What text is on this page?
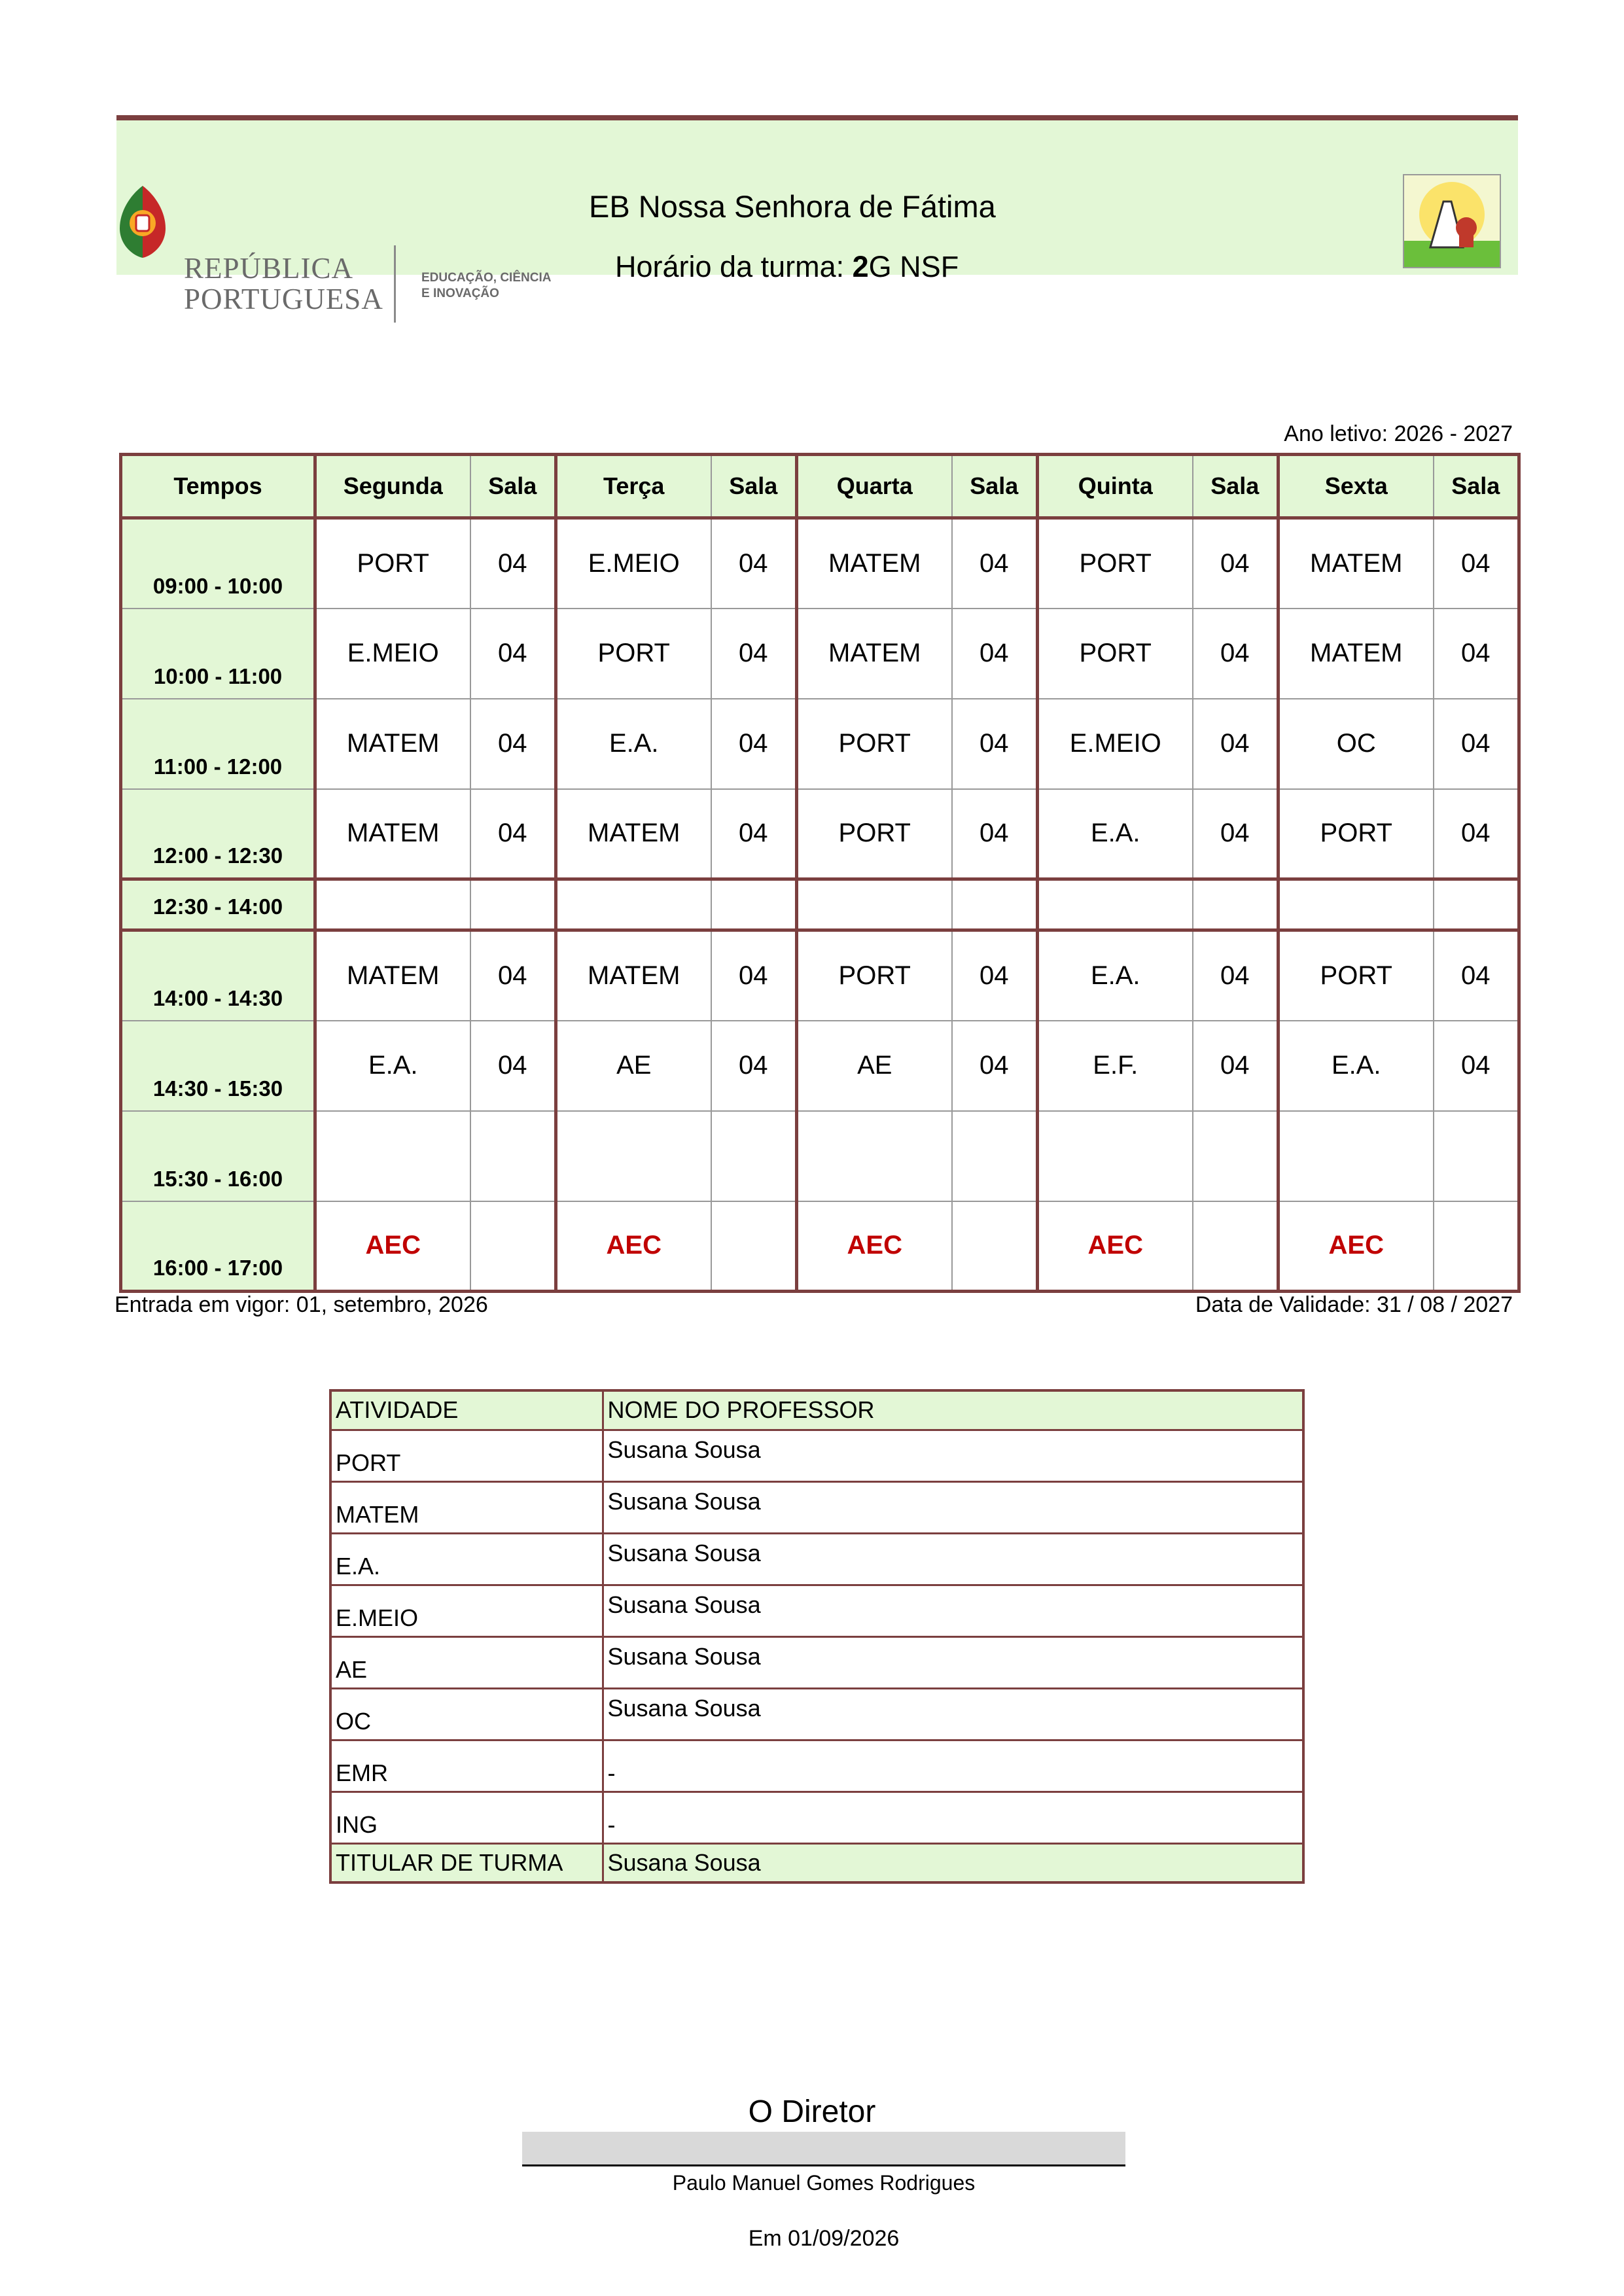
REPÚBLICA
PORTUGUESA
EDUCAÇÃO, CIÊNCIA
E INOVAÇÃO
EB Nossa Senhora de Fátima
Horário da turma: 2G NSF
Ano letivo: 2026 - 2027
Tempos	Segunda	Sala	Terça	Sala	Quarta	Sala	Quinta	Sala	Sexta	Sala
09:00 - 10:00	PORT	04	E.MEIO	04	MATEM	04	PORT	04	MATEM	04
10:00 - 11:00	E.MEIO	04	PORT	04	MATEM	04	PORT	04	MATEM	04
11:00 - 12:00	MATEM	04	E.A.	04	PORT	04	E.MEIO	04	OC	04
12:00 - 12:30	MATEM	04	MATEM	04	PORT	04	E.A.	04	PORT	04
12:30 - 14:00										
14:00 - 14:30	MATEM	04	MATEM	04	PORT	04	E.A.	04	PORT	04
14:30 - 15:30	E.A.	04	AE	04	AE	04	E.F.	04	E.A.	04
15:30 - 16:00										
16:00 - 17:00	AEC		AEC		AEC		AEC		AEC	
Entrada em vigor: 01, setembro, 2026	Data de Validade: 31 / 08 / 2027
ATIVIDADE	NOME DO PROFESSOR
PORT	Susana Sousa
MATEM	Susana Sousa
E.A.	Susana Sousa
E.MEIO	Susana Sousa
AE	Susana Sousa
OC	Susana Sousa
EMR	-
ING	-
TITULAR DE TURMA	Susana Sousa
O Diretor
Paulo Manuel Gomes Rodrigues
Em 01/09/2026
